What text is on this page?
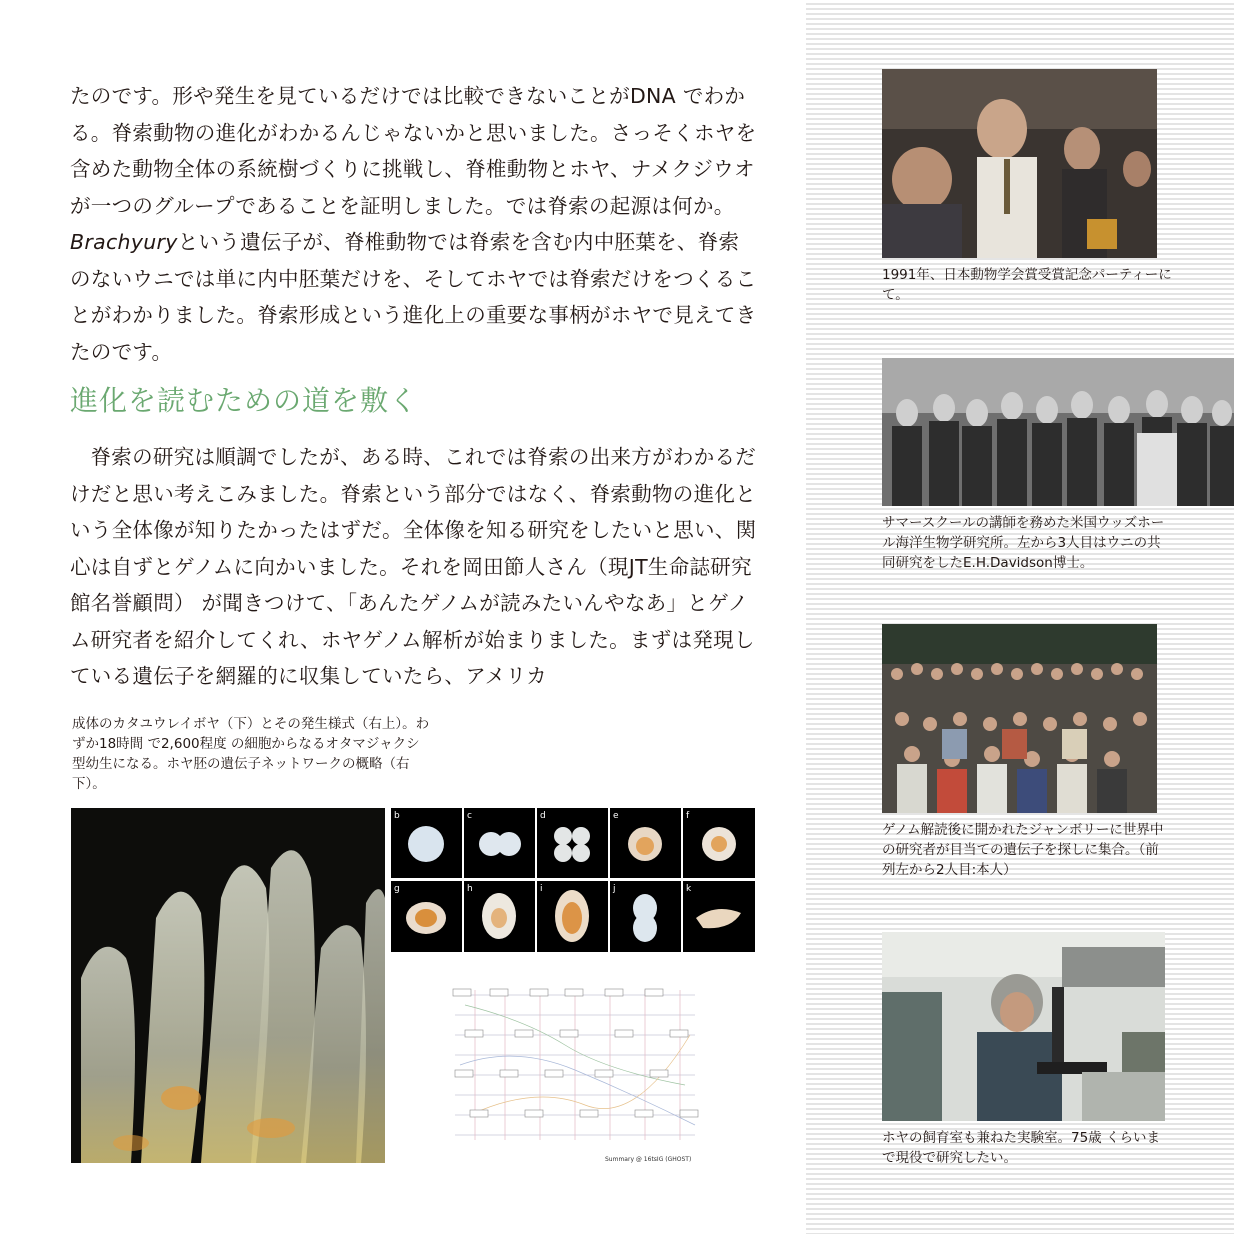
たのです。形や発生を見ているだけでは比較できないことがDNA でわかる。脊索動物の進化がわかるんじゃないかと思いました。さっそくホヤを含めた動物全体の系統樹づくりに挑戦し、脊椎動物とホヤ、ナメクジウオが一つのグループであることを証明しました。では脊索の起源は何か。Brachyuryという遺伝子が、脊椎動物では脊索を含む内中胚葉を、脊索のないウニでは単に内中胚葉だけを、そしてホヤでは脊索だけをつくることがわかりました。脊索形成という進化上の重要な事柄がホヤで見えてきたのです。

進化を読むための道を敷く

脊索の研究は順調でしたが、ある時、これでは脊索の出来方がわかるだけだと思い考えこみました。脊索という部分ではなく、脊索動物の進化という全体像が知りたかったはずだ。全体像を知る研究をしたいと思い、関心は自ずとゲノムに向かいました。それを岡田節人さん（現JT生命誌研究館名誉顧問） が聞きつけて、「あんたゲノムが読みたいんやなあ」とゲノム研究者を紹介してくれ、ホヤゲノム解析が始まりました。まずは発現している遺伝子を網羅的に収集していたら、アメリカ

成体のカタユウレイボヤ（下）とその発生様式（右上）。わずか18時間 で2,600程度 の細胞からなるオタマジャクシ型幼生になる。ホヤ胚の遺伝子ネットワークの概略（右下）。

b	c	d	e	f
g	h	i	j	k
Summary @ 16tsIG (GHOST)

1991年、日本動物学会賞受賞記念パーティーにて。

サマースクールの講師を務めた米国ウッズホール海洋生物学研究所。左から3人目はウニの共同研究をしたE.H.Davidson博士。

ゲノム解読後に開かれたジャンボリーに世界中の研究者が目当ての遺伝子を探しに集合。（前列左から2人目:本人）

ホヤの飼育室も兼ねた実験室。75歳 くらいまで現役で研究したい。
